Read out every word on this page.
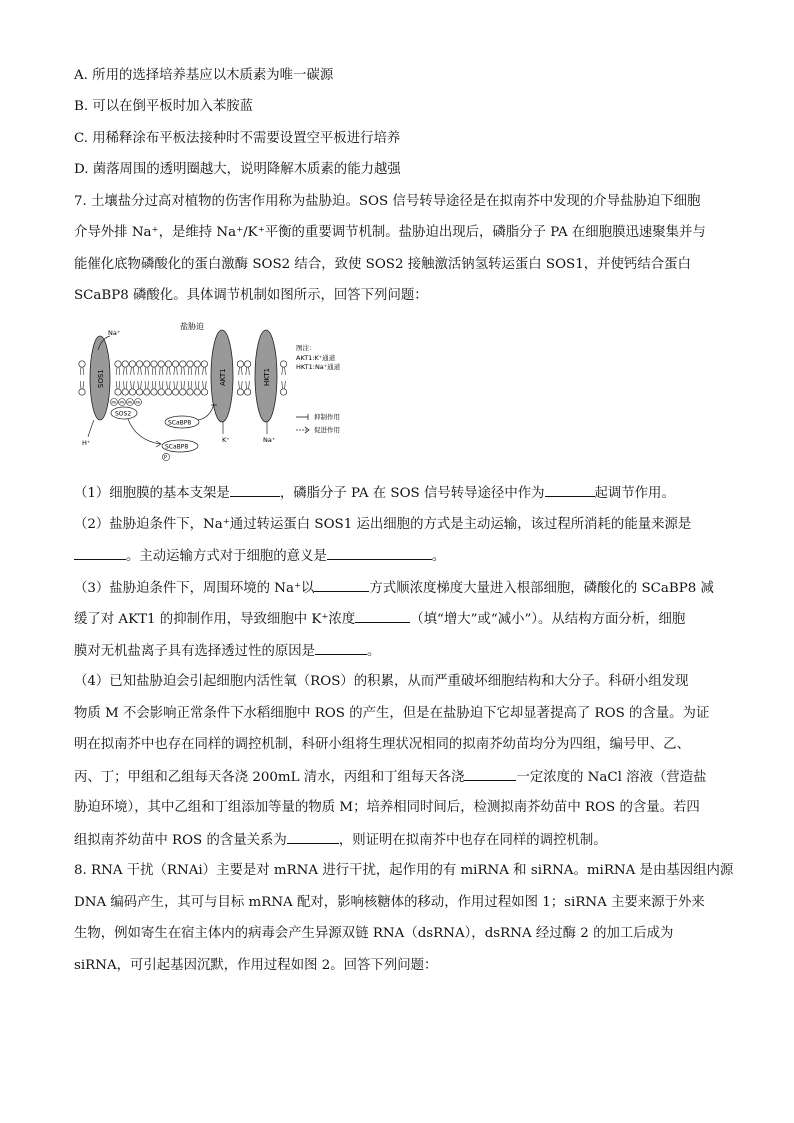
A. 所用的选择培养基应以木质素为唯一碳源
B. 可以在倒平板时加入苯胺蓝
C. 用稀释涂布平板法接种时不需要设置空平板进行培养
D. 菌落周围的透明圈越大，说明降解木质素的能力越强
7. 土壤盐分过高对植物的伤害作用称为盐胁迫。SOS 信号转导途径是在拟南芥中发现的介导盐胁迫下细胞
介导外排 Na⁺，是维持 Na⁺/K⁺平衡的重要调节机制。盐胁迫出现后，磷脂分子 PA 在细胞膜迅速聚集并与
能催化底物磷酸化的蛋白激酶 SOS2 结合，致使 SOS2 接触激活钠氢转运蛋白 SOS1，并使钙结合蛋白
SCaBP8 磷酸化。具体调节机制如图所示，回答下列问题：
盐胁迫
SOS1	AKT1	HKT1
Na⁺
PA PA PA PA
SOS2
SCaBP8
SCaBP8
P
H⁺	K⁺	Na⁺
图注：
AKT1:K⁺通道
HKT1:Na⁺通道
抑制作用
促进作用
（1）细胞膜的基本支架是	，磷脂分子 PA 在 SOS 信号转导途径中作为	起调节作用。
（2）盐胁迫条件下，Na⁺通过转运蛋白 SOS1 运出细胞的方式是主动运输，该过程所消耗的能量来源是
。主动运输方式对于细胞的意义是	。
（3）盐胁迫条件下，周围环境的 Na⁺以	方式顺浓度梯度大量进入根部细胞，磷酸化的 SCaBP8 减
缓了对 AKT1 的抑制作用，导致细胞中 K⁺浓度	（填“增大”或“减小”）。从结构方面分析，细胞
膜对无机盐离子具有选择透过性的原因是	。
（4）已知盐胁迫会引起细胞内活性氧（ROS）的积累，从而严重破坏细胞结构和大分子。科研小组发现
物质 M 不会影响正常条件下水稻细胞中 ROS 的产生，但是在盐胁迫下它却显著提高了 ROS 的含量。为证
明在拟南芥中也存在同样的调控机制，科研小组将生理状况相同的拟南芥幼苗均分为四组，编号甲、乙、
丙、丁；甲组和乙组每天各浇 200mL 清水，丙组和丁组每天各浇	一定浓度的 NaCl 溶液（营造盐
胁迫环境），其中乙组和丁组添加等量的物质 M；培养相同时间后，检测拟南芥幼苗中 ROS 的含量。若四
组拟南芥幼苗中 ROS 的含量关系为	，则证明在拟南芥中也存在同样的调控机制。
8. RNA 干扰（RNAi）主要是对 mRNA 进行干扰，起作用的有 miRNA 和 siRNA。miRNA 是由基因组内源
DNA 编码产生，其可与目标 mRNA 配对，影响核糖体的移动，作用过程如图 1；siRNA 主要来源于外来
生物，例如寄生在宿主体内的病毒会产生异源双链 RNA（dsRNA），dsRNA 经过酶 2 的加工后成为
siRNA，可引起基因沉默，作用过程如图 2。回答下列问题：
